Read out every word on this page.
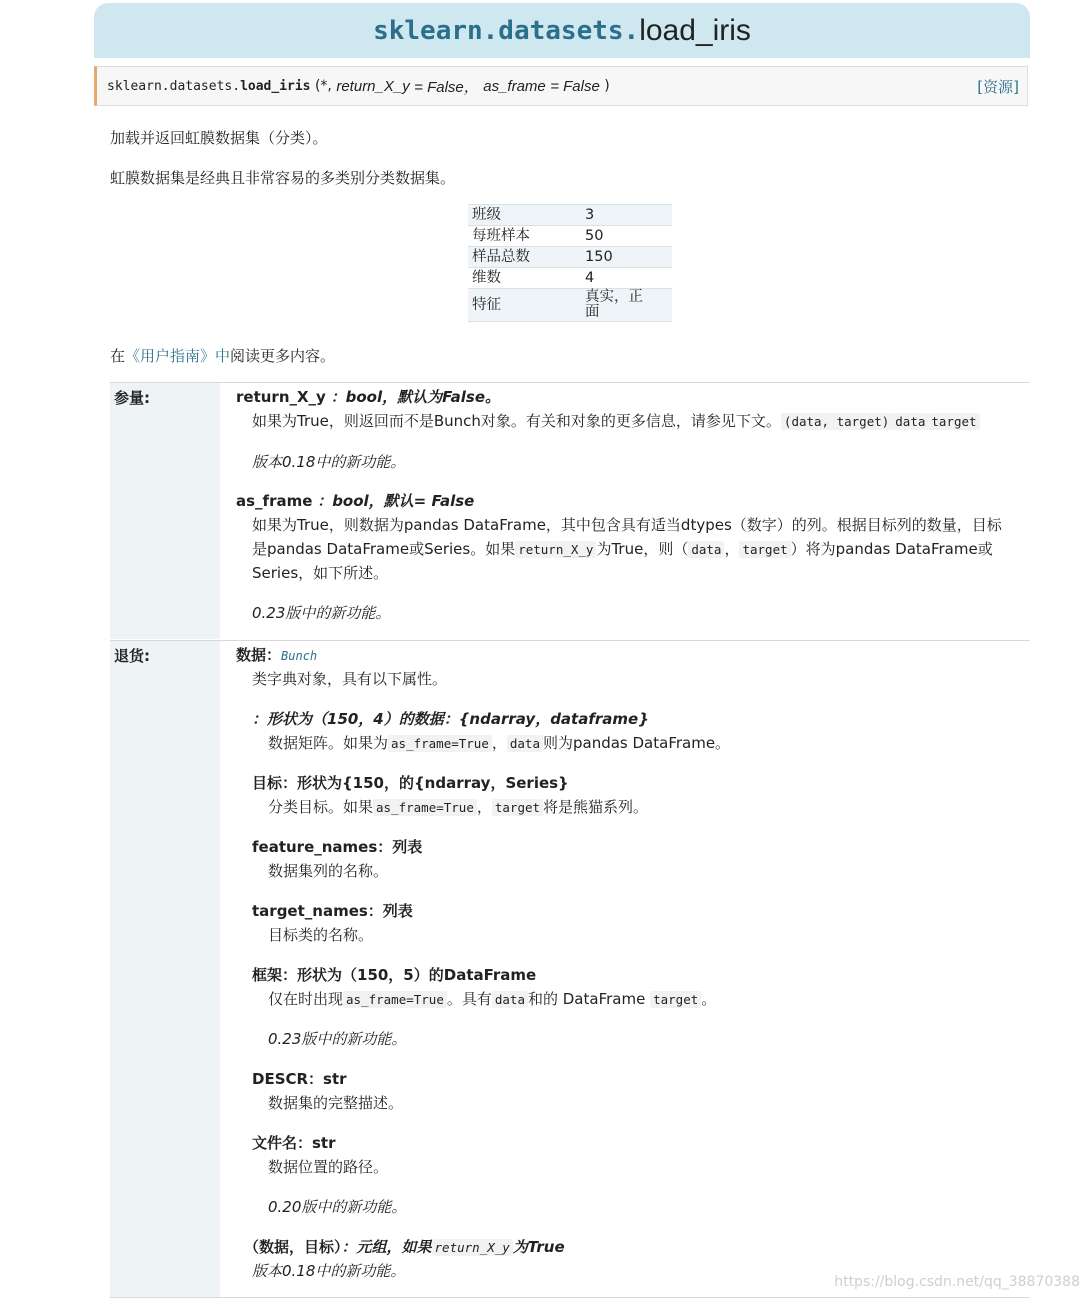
sklearn.datasets. load_iris
sklearn.datasets. load_iris
(*,
return_X_y
= False，
as_frame
= False
)	[资源]

加载并返回虹膜数据集（分类）。

虹膜数据集是经典且非常容易的多类别分类数据集。

班级	3
每班样本	50
样品总数	150
维数	4
特征	真实，正
面

在《用户指南》中阅读更多内容。

参量:	return_X_y ：bool，默认为False。

如果为True，则返回而不是Bunch对象。有关和对象的更多信息，请参见下文。 (data, target) data target

版本0.18中的新功能。

as_frame ：bool，默认= False

如果为True，则数据为pandas DataFrame，其中包含具有适当dtypes（数字）的列。根据目标列的数量，目标

是pandas DataFrame或Series。如果 return_X_y 为True，则（ data ， target ）将为pandas DataFrame或

Series，如下所述。

0.23版中的新功能。

退货:	数据：Bunch

类字典对象，具有以下属性。

：形状为（150，4）的数据：{ndarray，dataframe}

数据矩阵。如果为 as_frame=True ， data 则为pandas DataFrame。

目标：形状为{150，的{ndarray，Series}

分类目标。如果 as_frame=True ， target 将是熊猫系列。

feature_names：列表

数据集列的名称。

target_names：列表

目标类的名称。

框架：形状为（150，5）的DataFrame

仅在时出现 as_frame=True 。具有 data 和的 DataFrame target 。

0.23版中的新功能。

DESCR：str

数据集的完整描述。

文件名：str

数据位置的路径。

0.20版中的新功能。

（数据，目标）：元组，如果 return_X_y 为True

版本0.18中的新功能。

https://blog.csdn.net/qq_38870388
